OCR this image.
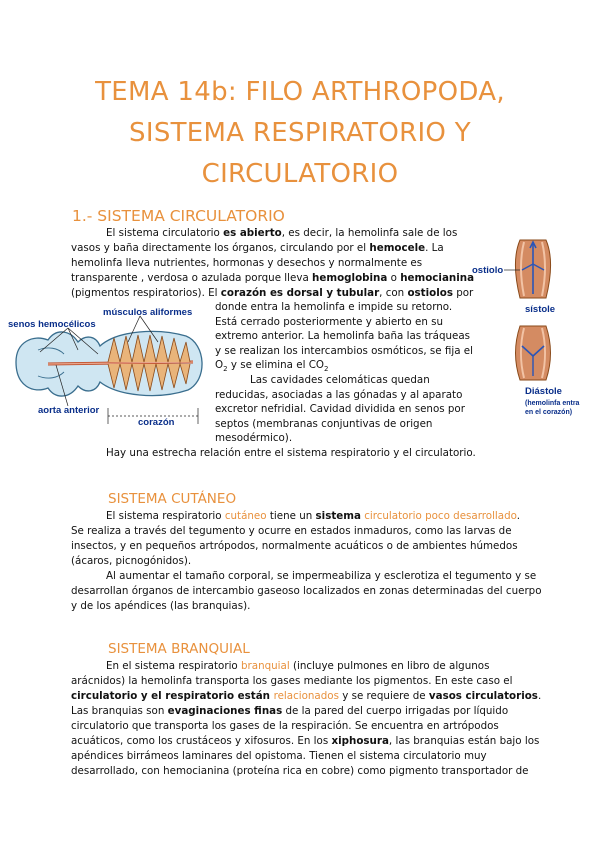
TEMA 14b: FILO ARTHROPODA,
SISTEMA RESPIRATORIO Y
CIRCULATORIO
1.- SISTEMA CIRCULATORIO

El sistema circulatorio es abierto, es decir, la hemolinfa sale de los

vasos y baña directamente los órganos, circulando por el hemocele. La

hemolinfa lleva nutrientes, hormonas y desechos y normalmente es

transparente , verdosa o azulada porque lleva hemoglobina o hemocianina

(pigmentos respiratorios). El corazón es dorsal y tubular, con ostiolos por

donde entra la hemolinfa e impide su retorno.

Está cerrado posteriormente y abierto en su

extremo anterior. La hemolinfa baña las tráqueas

y se realizan los intercambios osmóticos, se fija el

$O_2$ y se elimina el $CO_2$

Las cavidades celomáticas quedan

reducidas, asociadas a las gónadas y al aparato

excretor nefridial. Cavidad dividida en senos por

septos (membranas conjuntivas de origen

mesodérmico).

Hay una estrecha relación entre el sistema respiratorio y el circulatorio.

músculos aliformes
senos hemocélicos
aorta anterior
corazón
ostiolo
sístole
Diástole
(hemolinfa entra
en el corazón)
SISTEMA CUTÁNEO

El sistema respiratorio cutáneo tiene un sistema circulatorio poco desarrollado.

Se realiza a través del tegumento y ocurre en estados inmaduros, como las larvas de

insectos, y en pequeños artrópodos, normalmente acuáticos o de ambientes húmedos

(ácaros, picnogónidos).

Al aumentar el tamaño corporal, se impermeabiliza y esclerotiza el tegumento y se

desarrollan órganos de intercambio gaseoso localizados en zonas determinadas del cuerpo

y de los apéndices (las branquias).

SISTEMA BRANQUIAL

En el sistema respiratorio branquial (incluye pulmones en libro de algunos

arácnidos) la hemolinfa transporta los gases mediante los pigmentos. En este caso el

circulatorio y el respiratorio están relacionados y se requiere de vasos circulatorios.

Las branquias son evaginaciones finas de la pared del cuerpo irrigadas por líquido

circulatorio que transporta los gases de la respiración. Se encuentra en artrópodos

acuáticos, como los crustáceos y xifosuros. En los xiphosura, las branquias están bajo los

apéndices birrámeos laminares del opistoma. Tienen el sistema circulatorio muy

desarrollado, con hemocianina (proteína rica en cobre) como pigmento transportador de
